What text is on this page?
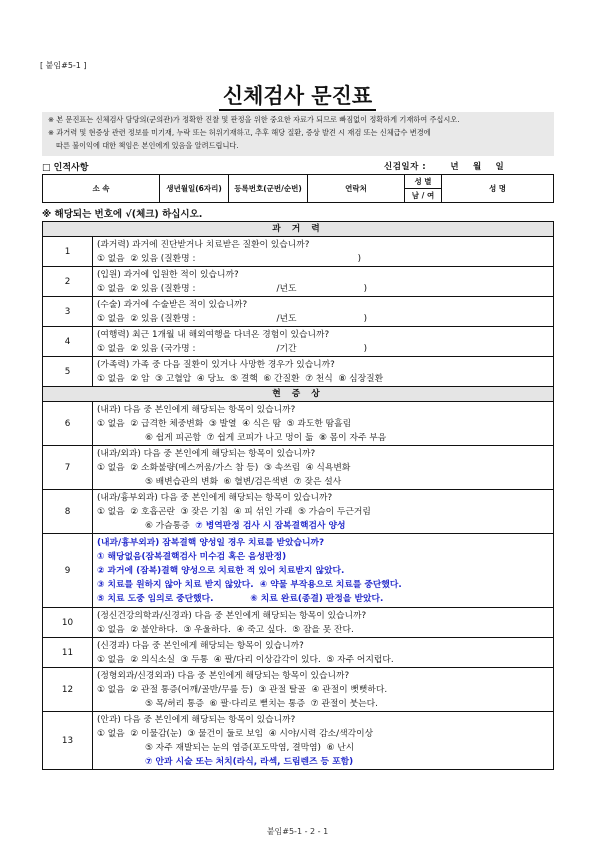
[ 붙임#5-1 ]
신체검사 문진표
※ 본 문진표는 신체검사 담당의(군의관)가 정확한 진찰 및 판정을 위한 중요한 자료가 되므로 빠짐없이 정확하게 기재하여 주십시오.
※ 과거력 및 현증상 관련 정보를 미기재, 누락 또는 허위기재하고, 추후 해당 질환, 증상 발견 시 재검 또는 신체급수 변경에
따른 불이익에 대한 책임은 본인에게 있음을 알려드립니다.
□ 인적사항	신검일자 :       년    월    일
소 속	생년월일(6자리)	등록번호(군번/순번)	연락처	성 별	성 명
남 / 여
※ 해당되는 번호에 √(체크) 하십시오.
과 거 력	
1	(과거력) 과거에 진단받거나 치료받은 질환이 있습니까?
① 없음  ② 있음 (질환명 :                                                          )

2	(입원) 과거에 입원한 적이 있습니까?
① 없음  ② 있음 (질환명 :                             /년도                        )

3	(수술) 과거에 수술받은 적이 있습니까?
① 없음  ② 있음 (질환명 :                             /년도                        )

4	(여행력) 최근 1개월 내 해외여행을 다녀온 경험이 있습니까?
① 없음  ② 있음 (국가명 :                             /기간                        )

5	(가족력) 가족 중 다음 질환이 있거나 사망한 경우가 있습니까?
① 없음  ② 암  ③ 고혈압  ④ 당뇨  ⑤ 결핵  ⑥ 간질환  ⑦ 천식  ⑧ 심장질환

현 증 상	
6	(내과) 다음 중 본인에게 해당되는 항목이 있습니까?
① 없음  ② 급격한 체중변화  ③ 발열  ④ 식은 땀  ⑤ 과도한 땀흘림
⑥ 쉽게 피곤함  ⑦ 쉽게 코피가 나고 멍이 듦  ⑧ 몸이 자주 부음

7	(내과/외과) 다음 중 본인에게 해당되는 항목이 있습니까?
① 없음  ② 소화불량(메스꺼움/가스 참 등)  ③ 속쓰림  ④ 식욕변화
⑤ 배변습관의 변화  ⑥ 혈변/검은색변  ⑦ 잦은 설사

8	(내과/흉부외과) 다음 중 본인에게 해당되는 항목이 있습니까?
① 없음  ② 호흡곤란  ③ 잦은 기침  ④ 피 섞인 가래  ⑤ 가슴이 두근거림
⑥ 가슴통증  ⑦ 병역판정 검사 시 잠복결핵검사 양성

9	(내과/흉부외과) 잠복결핵 양성일 경우 치료를 받았습니까?
① 해당없음(잠복결핵검사 미수검 혹은 음성판정)
② 과거에 (잠복)결핵 양성으로 치료한 적 있어 치료받지 않았다.
③ 치료를 원하지 않아 치료 받지 않았다.  ④ 약물 부작용으로 치료를 중단했다.
⑤ 치료 도중 임의로 중단했다.            ⑥ 치료 완료(종결) 판정을 받았다.

10	(정신건강의학과/신경과) 다음 중 본인에게 해당되는 항목이 있습니까?
① 없음  ② 불안하다.  ③ 우울하다.  ④ 죽고 싶다.  ⑤ 잠을 못 잔다.

11	(신경과) 다음 중 본인에게 해당되는 항목이 있습니까?
① 없음  ② 의식소실  ③ 두통  ④ 팔/다리 이상감각이 있다.  ⑤ 자주 어지럽다.

12	(정형외과/신경외과) 다음 중 본인에게 해당되는 항목이 있습니까?
① 없음  ② 관절 통증(어깨/골반/무릎 등)  ③ 관절 탈골  ④ 관절이 뻣뻣하다.
⑤ 목/허리 통증  ⑥ 팔·다리로 뻗치는 통증  ⑦ 관절이 붓는다.

13	(안과) 다음 중 본인에게 해당되는 항목이 있습니까?
① 없음  ② 이물감(눈)  ③ 물건이 둘로 보임  ④ 시야/시력 감소/색각이상
⑤ 자주 재발되는 눈의 염증(포도막염, 결막염)  ⑥ 난시
⑦ 안과 시술 또는 처치(라식, 라섹, 드림렌즈 등 포함)
붙임#5-1 - 2 - 1
